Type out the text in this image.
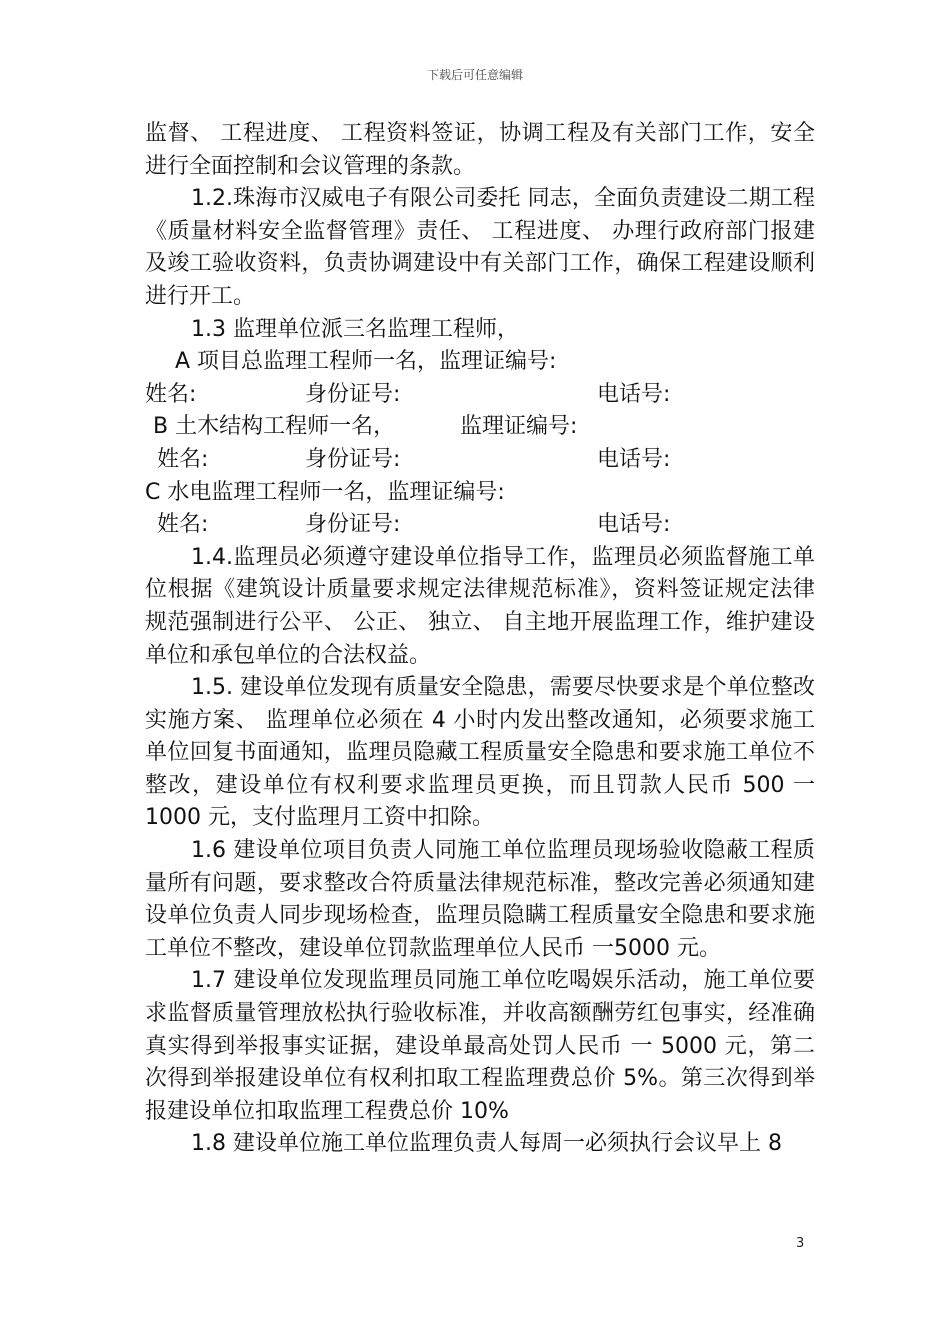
下载后可任意编辑

监督、 工程进度、 工程资料签证，协调工程及有关部门工作，安全进行全面控制和会议管理的条款。

1.2.珠海市汉威电子有限公司委托 同志，全面负责建设二期工程《质量材料安全监督管理》责任、 工程进度、 办理行政府部门报建及竣工验收资料，负责协调建设中有关部门工作，确保工程建设顺利进行开工。

1.3 监理单位派三名监理工程师，

A 项目总监理工程师一名，监理证编号:
姓名:	身份证号:	电话号:
B 土木结构工程师一名，	监理证编号:
姓名:	身份证号:	电话号:
C 水电监理工程师一名，监理证编号:
姓名:	身份证号:	电话号:

1.4.监理员必须遵守建设单位指导工作，监理员必须监督施工单位根据《建筑设计质量要求规定法律规范标准》，资料签证规定法律规范强制进行公平、 公正、 独立、 自主地开展监理工作，维护建设单位和承包单位的合法权益。

1.5. 建设单位发现有质量安全隐患，需要尽快要求是个单位整改实施方案、 监理单位必须在 4 小时内发出整改通知，必须要求施工单位回复书面通知，监理员隐藏工程质量安全隐患和要求施工单位不整改，建设单位有权利要求监理员更换，而且罚款人民币 500 一 1000 元，支付监理月工资中扣除。

1.6 建设单位项目负责人同施工单位监理员现场验收隐蔽工程质量所有问题，要求整改合符质量法律规范标准，整改完善必须通知建设单位负责人同步现场检查，监理员隐瞒工程质量安全隐患和要求施工单位不整改，建设单位罚款监理单位人民币 一5000 元。

1.7 建设单位发现监理员同施工单位吃喝娱乐活动，施工单位要求监督质量管理放松执行验收标准，并收高额酬劳红包事实，经准确真实得到举报事实证据，建设单最高处罚人民币 一 5000 元，第二次得到举报建设单位有权利扣取工程监理费总价 5%。第三次得到举报建设单位扣取监理工程费总价 10%

1.8 建设单位施工单位监理负责人每周一必须执行会议早上 8

3
